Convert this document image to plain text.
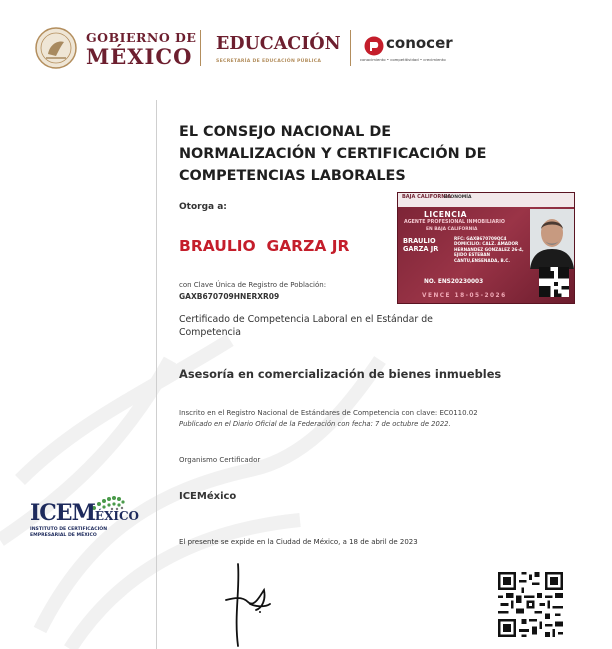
GOBIERNO DE
MÉXICO EDUCACIÓN
SECRETARÍA DE EDUCACIÓN PÚBLICA
conocer
conocimiento • competitividad • crecimiento
EL CONSEJO NACIONAL DE NORMALIZACIÓN Y CERTIFICACIÓN DE COMPETENCIAS LABORALES
Otorga a:
BRAULIO  GARZA JR
con Clave Única de Registro de Población:
GAXB670709HNERXR09
Certificado de Competencia Laboral en el Estándar de Competencia
Asesoría en comercialización de bienes inmuebles
Inscrito en el Registro Nacional de Estándares de Competencia con clave: EC0110.02
Publicado en el Diario Oficial de la Federación con fecha: 7 de octubre de 2022.
Organismo Certificador
ICEMéxico
El presente se expide en la Ciudad de México, a 18 de abril de 2023
ICEMÉXICO
INSTITUTO DE CERTIFICACIÓN
EMPRESARIAL DE MÉXICO
BAJA CALIFORNIA
ECONOMÍA
LICENCIA
AGENTE PROFESIONAL INMOBILIARIO
EN BAJA CALIFORNIA
BRAULIO GARZA JR
RFC: GAXB670709QC4 DOMICILIO: CALZ. AMADOR HERNANDEZ GONZALEZ 26-4, EJIDO ESTEBAN CANTU,ENSENADA, B.C.
NO. ENS20230003
VENCE 18-05-2026
